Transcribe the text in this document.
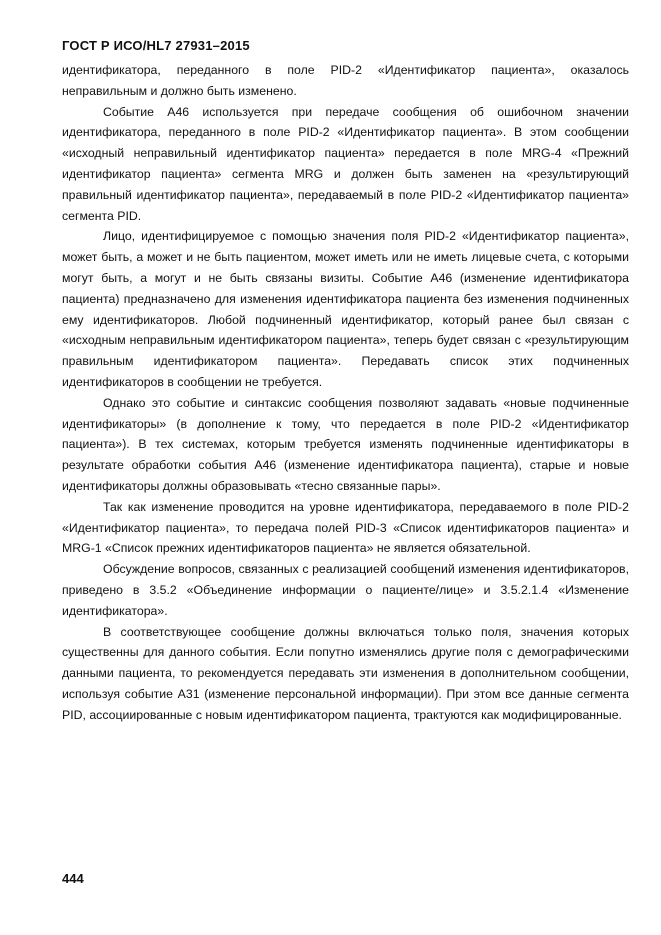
ГОСТ Р ИСО/HL7 27931–2015

идентификатора, переданного в поле PID-2 «Идентификатор пациента», оказалось неправильным и должно быть изменено.

Событие А46 используется при передаче сообщения об ошибочном значении идентификатора, переданного в поле PID-2 «Идентификатор пациента». В этом сообщении «исходный неправильный идентификатор пациента» передается в поле MRG-4 «Прежний идентификатор пациента» сегмента MRG и должен быть заменен на «результирующий правильный идентификатор пациента», передаваемый в поле PID-2 «Идентификатор пациента» сегмента PID.

Лицо, идентифицируемое с помощью значения поля PID-2 «Идентификатор пациента», может быть, а может и не быть пациентом, может иметь или не иметь лицевые счета, с которыми могут быть, а могут и не быть связаны визиты. Событие А46 (изменение идентификатора пациента) предназначено для изменения идентификатора пациента без изменения подчиненных ему идентификаторов. Любой подчиненный идентификатор, который ранее был связан с «исходным неправильным идентификатором пациента», теперь будет связан с «результирующим правильным идентификатором пациента». Передавать список этих подчиненных идентификаторов в сообщении не требуется.

Однако это событие и синтаксис сообщения позволяют задавать «новые подчиненные идентификаторы» (в дополнение к тому, что передается в поле PID-2 «Идентификатор пациента»). В тех системах, которым требуется изменять подчиненные идентификаторы в результате обработки события А46 (изменение идентификатора пациента), старые и новые идентификаторы должны образовывать «тесно связанные пары».

Так как изменение проводится на уровне идентификатора, передаваемого в поле PID-2 «Идентификатор пациента», то передача полей PID-3 «Список идентификаторов пациента» и MRG-1 «Список прежних идентификаторов пациента» не является обязательной.

Обсуждение вопросов, связанных с реализацией сообщений изменения идентификаторов, приведено в 3.5.2 «Объединение информации о пациенте/лице» и 3.5.2.1.4 «Изменение идентификатора».

В соответствующее сообщение должны включаться только поля, значения которых существенны для данного события. Если попутно изменялись другие поля с демографическими данными пациента, то рекомендуется передавать эти изменения в дополнительном сообщении, используя событие А31 (изменение персональной информации). При этом все данные сегмента PID, ассоциированные с новым идентификатором пациента, трактуются как модифицированные.

444
